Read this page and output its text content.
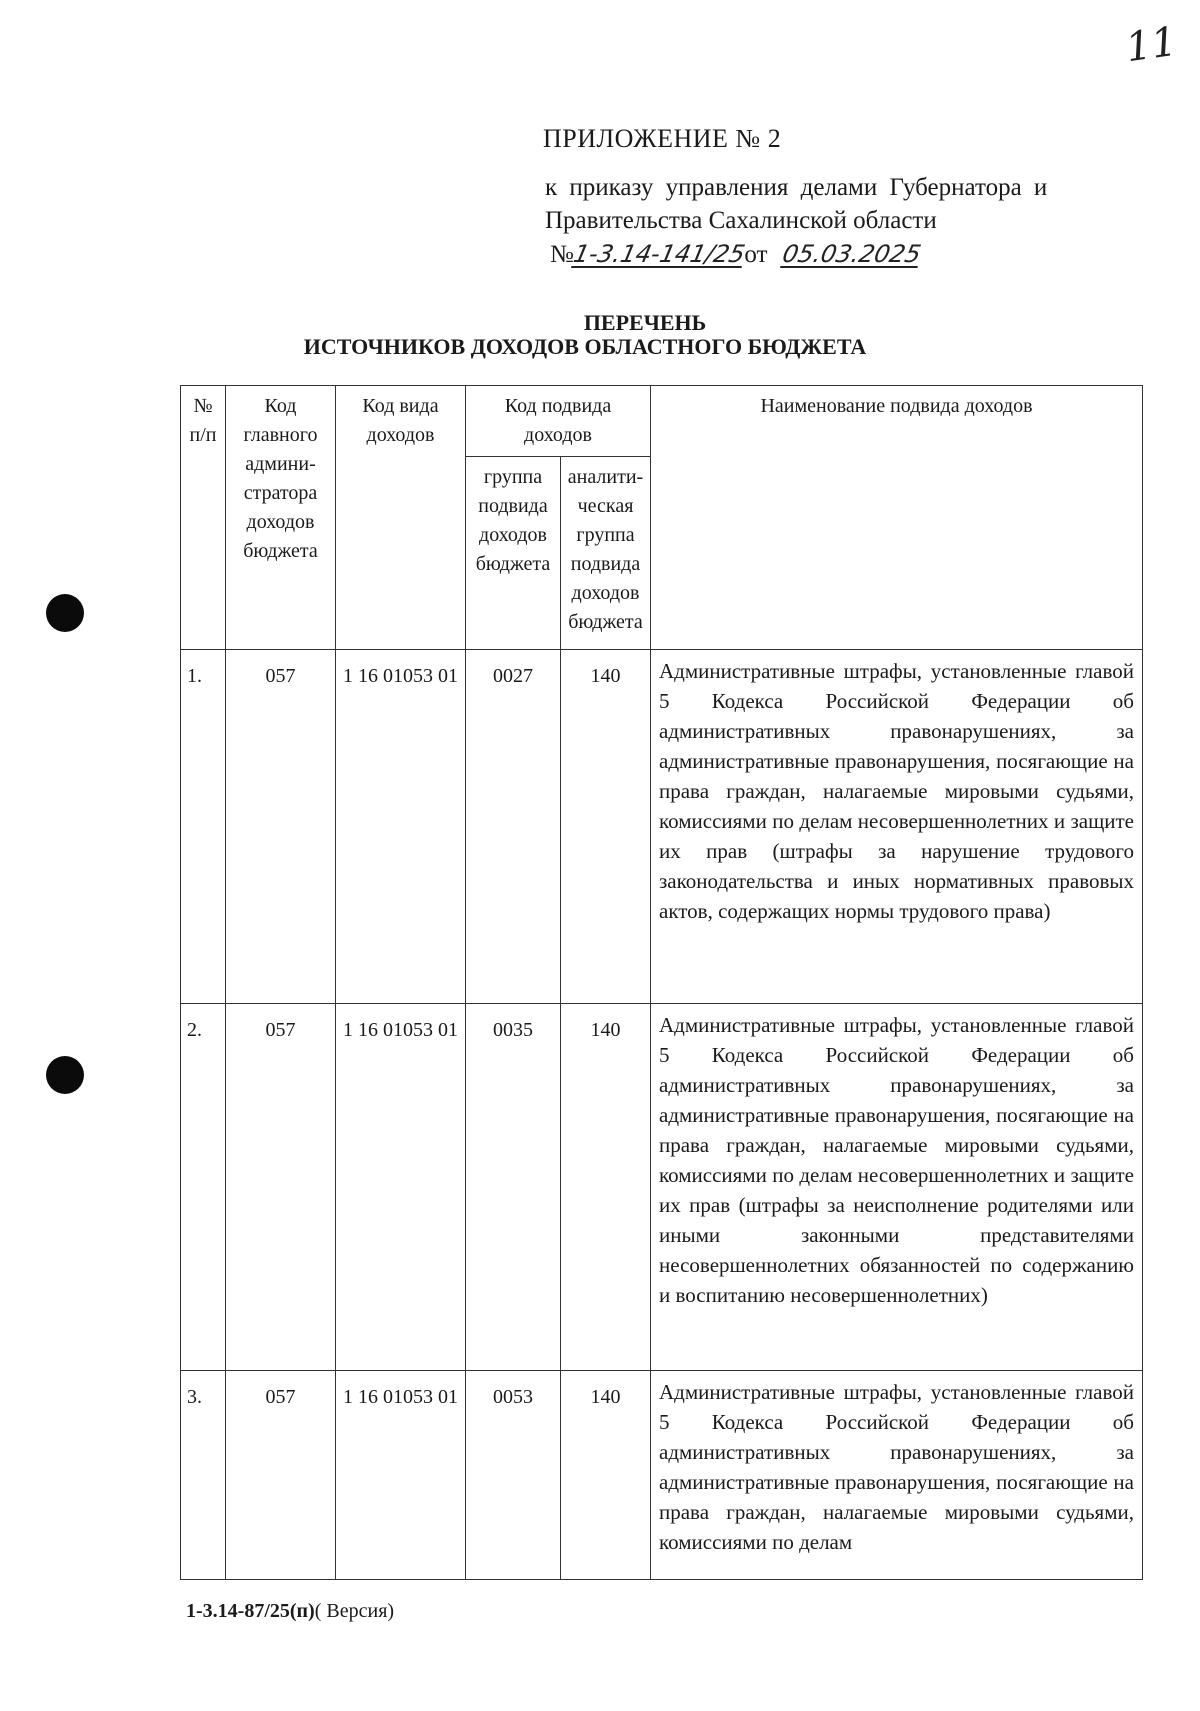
11
ПРИЛОЖЕНИЕ № 2
к приказу управления делами Губернатора и
Правительства Сахалинской области
№
1-3.14-141/25
от 05.03.2025
ПЕРЕЧЕНЬ
ИСТОЧНИКОВ ДОХОДОВ ОБЛАСТНОГО БЮДЖЕТА
№ п/п	Код главного админи-стратора доходов бюджета	Код вида доходов	Код подвида доходов		Наименование подвида доходов
			группа подвида доходов бюджета	аналити-ческая группа подвида доходов бюджета	
1.	057	1 16 01053 01	0027	140	Административные штрафы, установленные главой 5 Кодекса Российской Федерации об административных правонарушениях, за административные правонарушения, посягающие на права граждан, налагаемые мировыми судьями, комиссиями по делам несовершеннолетних и защите их прав (штрафы за нарушение трудового законодательства и иных нормативных правовых актов, содержащих нормы трудового права)
2.	057	1 16 01053 01	0035	140	Административные штрафы, установленные главой 5 Кодекса Российской Федерации об административных правонарушениях, за административные правонарушения, посягающие на права граждан, налагаемые мировыми судьями, комиссиями по делам несовершеннолетних и защите их прав (штрафы за неисполнение родителями или иными законными представителями несовершеннолетних обязанностей по содержанию и воспитанию несовершеннолетних)
3.	057	1 16 01053 01	0053	140	Административные штрафы, установленные главой 5 Кодекса Российской Федерации об административных правонарушениях, за административные правонарушения, посягающие на права граждан, налагаемые мировыми судьями, комиссиями по делам
1-3.14-87/25(п)( Версия)
